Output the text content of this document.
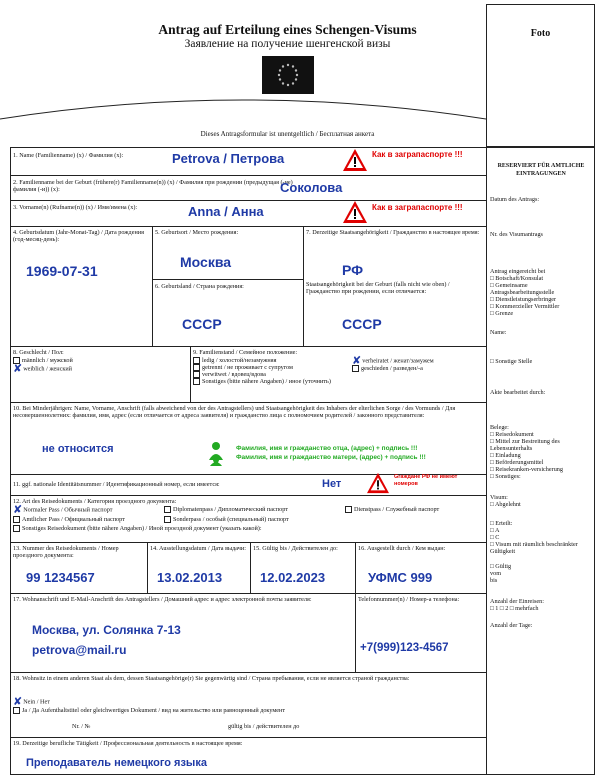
Antrag auf Erteilung eines Schengen-Visums
Заявление на получение шенгенской визы
Dieses Antragsformular ist unentgeltlich / Бесплатная анкета
Foto
RESERVIERT FÜR AMTLICHE EINTRAGUNGEN
Datum des Antrags:
Nr. des Visumantrags
Antrag eingereicht bei
□ Botschaft/Konsulat
□ Gemeinsame Antragsbearbeitungsstelle
□ Dienstleistungserbringer
□ Kommerzieller Vermittler
□ Grenze
Name:
□ Sonstige Stelle
Akte bearbeitet durch:
Belege:
□ Reisedokument
□ Mittel zur Bestreitung des Lebensunterhalts
□ Einladung
□ Beförderungsmittel
□ Reisekranken-versicherung
□ Sonstiges:
Visum:
□ Abgelehnt
□ Erteilt:
□ A
□ C
□ Visum mit räumlich beschränkter Gültigkeit
□ Gültig
vom
bis
Anzahl der Einreisen:
□ 1 □ 2 □ mehrfach
Anzahl der Tage:
1. Name (Familienname) (x) / Фамилия (x):	Petrova / Петрова	Как в заграпаспорте !!!
2. Familienname bei der Geburt (frühere(r) Familienname(n)) (x) / Фамилия при рождении (предыдущая (-ие) фамилия (-и)) (x):	Соколова
3. Vorname(n) (Rufname(n)) (x) / Имя/имена (x):	Anna / Анна	Как в заграпаспорте !!!
4. Geburtsdatum (Jahr-Monat-Tag) / Дата рождения (год-месяц-день):
1969-07-31
5. Geburtsort / Место рождения:
Москва
6. Geburtsland / Страна рождения:
СССР
7. Derzeitige Staatsangehörigkeit / Гражданство в настоящее время:
РФ
Staatsangehörigkeit bei der Geburt (falls nicht wie oben) / Гражданство при рождении, если отличается:
СССР
8. Geschlecht / Пол:
männlich / мужской
✘weiblich / женский
9. Familienstand / Семейное положение:
ledig / холостой/незамужняя
getrennt / не проживает с супругом
verwitwet / вдовец/вдова
Sonstiges (bitte nähere Angaben) / иное (уточнить)
✘verheiratet / женат/замужем
geschieden / разведен/-а
10. Bei Minderjährigen: Name, Vorname, Anschrift (falls abweichend von der des Antragstellers) und Staatsangehörigkeit des Inhabers der elterlichen Sorge / des Vormunds / Для несовершеннолетних: фамилия, имя, адрес (если отличается от адреса заявителя) и гражданство лица с полномочием родителей / законного представителя:
не относится	Фамилия, имя и гражданство отца, (адрес) + подпись !!!
Фамилия, имя и гражданство матери, (адрес) + подпись !!!
11. ggf. nationale Identitätsnummer / Идентификационный номер, если имеется:	Нет
Graждане РФ не имеют номеров
12. Art des Reisedokuments / Категория проездного документа:
✘Normaler Pass / Обычный паспорт	Diplomatenpass / Дипломатический паспорт	Dienstpass / Служебный паспорт
Amtlicher Pass / Официальный паспорт	Sonderpass / особый (специальный) паспорт
Sonstiges Reisedokument (bitte nähere Angaben) / Иной проездной документ (указать какой):
13. Nummer des Reisedokuments / Номер проездного документа:
99 1234567
14. Ausstellungsdatum / Дата выдачи:
13.02.2013
15. Gültig bis / Действителен до:
12.02.2023
16. Ausgestellt durch / Кем выдан:
УФМС 999
17. Wohnanschrift und E-Mail-Anschrift des Antragstellers / Домашний адрес и адрес электронной почты заявителя:
Москва, ул. Солянка 7-13
petrova@mail.ru
Telefonnummer(n) / Номер-а телефона:
+7(999)123-4567
18. Wohnsitz in einem anderen Staat als dem, dessen Staatsangehörige(r) Sie gegenwärtig sind / Страна пребывания, если не является страной гражданства:
✘Nein / Нет
Ja / Да Aufenthaltstitel oder gleichwertiges Dokument / вид на жительство или равноценный документ
Nr. / №	gültig bis / действителен до
19. Derzeitige berufliche Tätigkeit / Профессиональная деятельность в настоящее время:
Преподаватель немецкого языка
